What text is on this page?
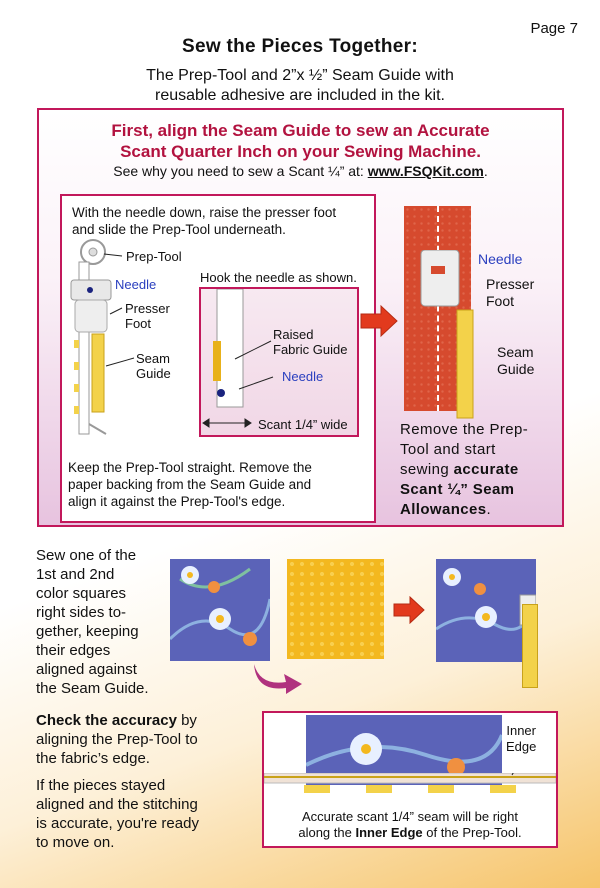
Page 7
Sew the Pieces Together:
The Prep-Tool and 2”x ½” Seam Guide with
reusable adhesive are included in the kit.
First, align the Seam Guide to sew an Accurate
Scant Quarter Inch on your Sewing Machine.
See why you need to sew a Scant ¼” at: www.FSQKit.com.
With the needle down, raise the presser foot
and slide the Prep-Tool underneath.
Prep-Tool
Needle
Presser
Foot
Seam
Guide
Hook the needle as shown.
Raised
Fabric Guide
Needle
Scant 1/4” wide
Keep the Prep-Tool straight. Remove the
paper backing from the Seam Guide and
align it against the Prep-Tool's edge.
Needle
Presser
Foot
Seam
Guide
Remove the Prep-
Tool and start
sewing accurate
Scant ¼” Seam
Allowances.
Sew one of the
1st and 2nd
color squares
right sides to-
gether, keeping
their edges
aligned against
the Seam Guide.
Check the accuracy by
aligning the Prep-Tool to
the fabric’s edge.
If the pieces stayed
aligned and the stitching
is accurate, you're ready
to move on.
Inner
Edge
Accurate scant 1/4” seam will be right
along the Inner Edge of the Prep-Tool.
